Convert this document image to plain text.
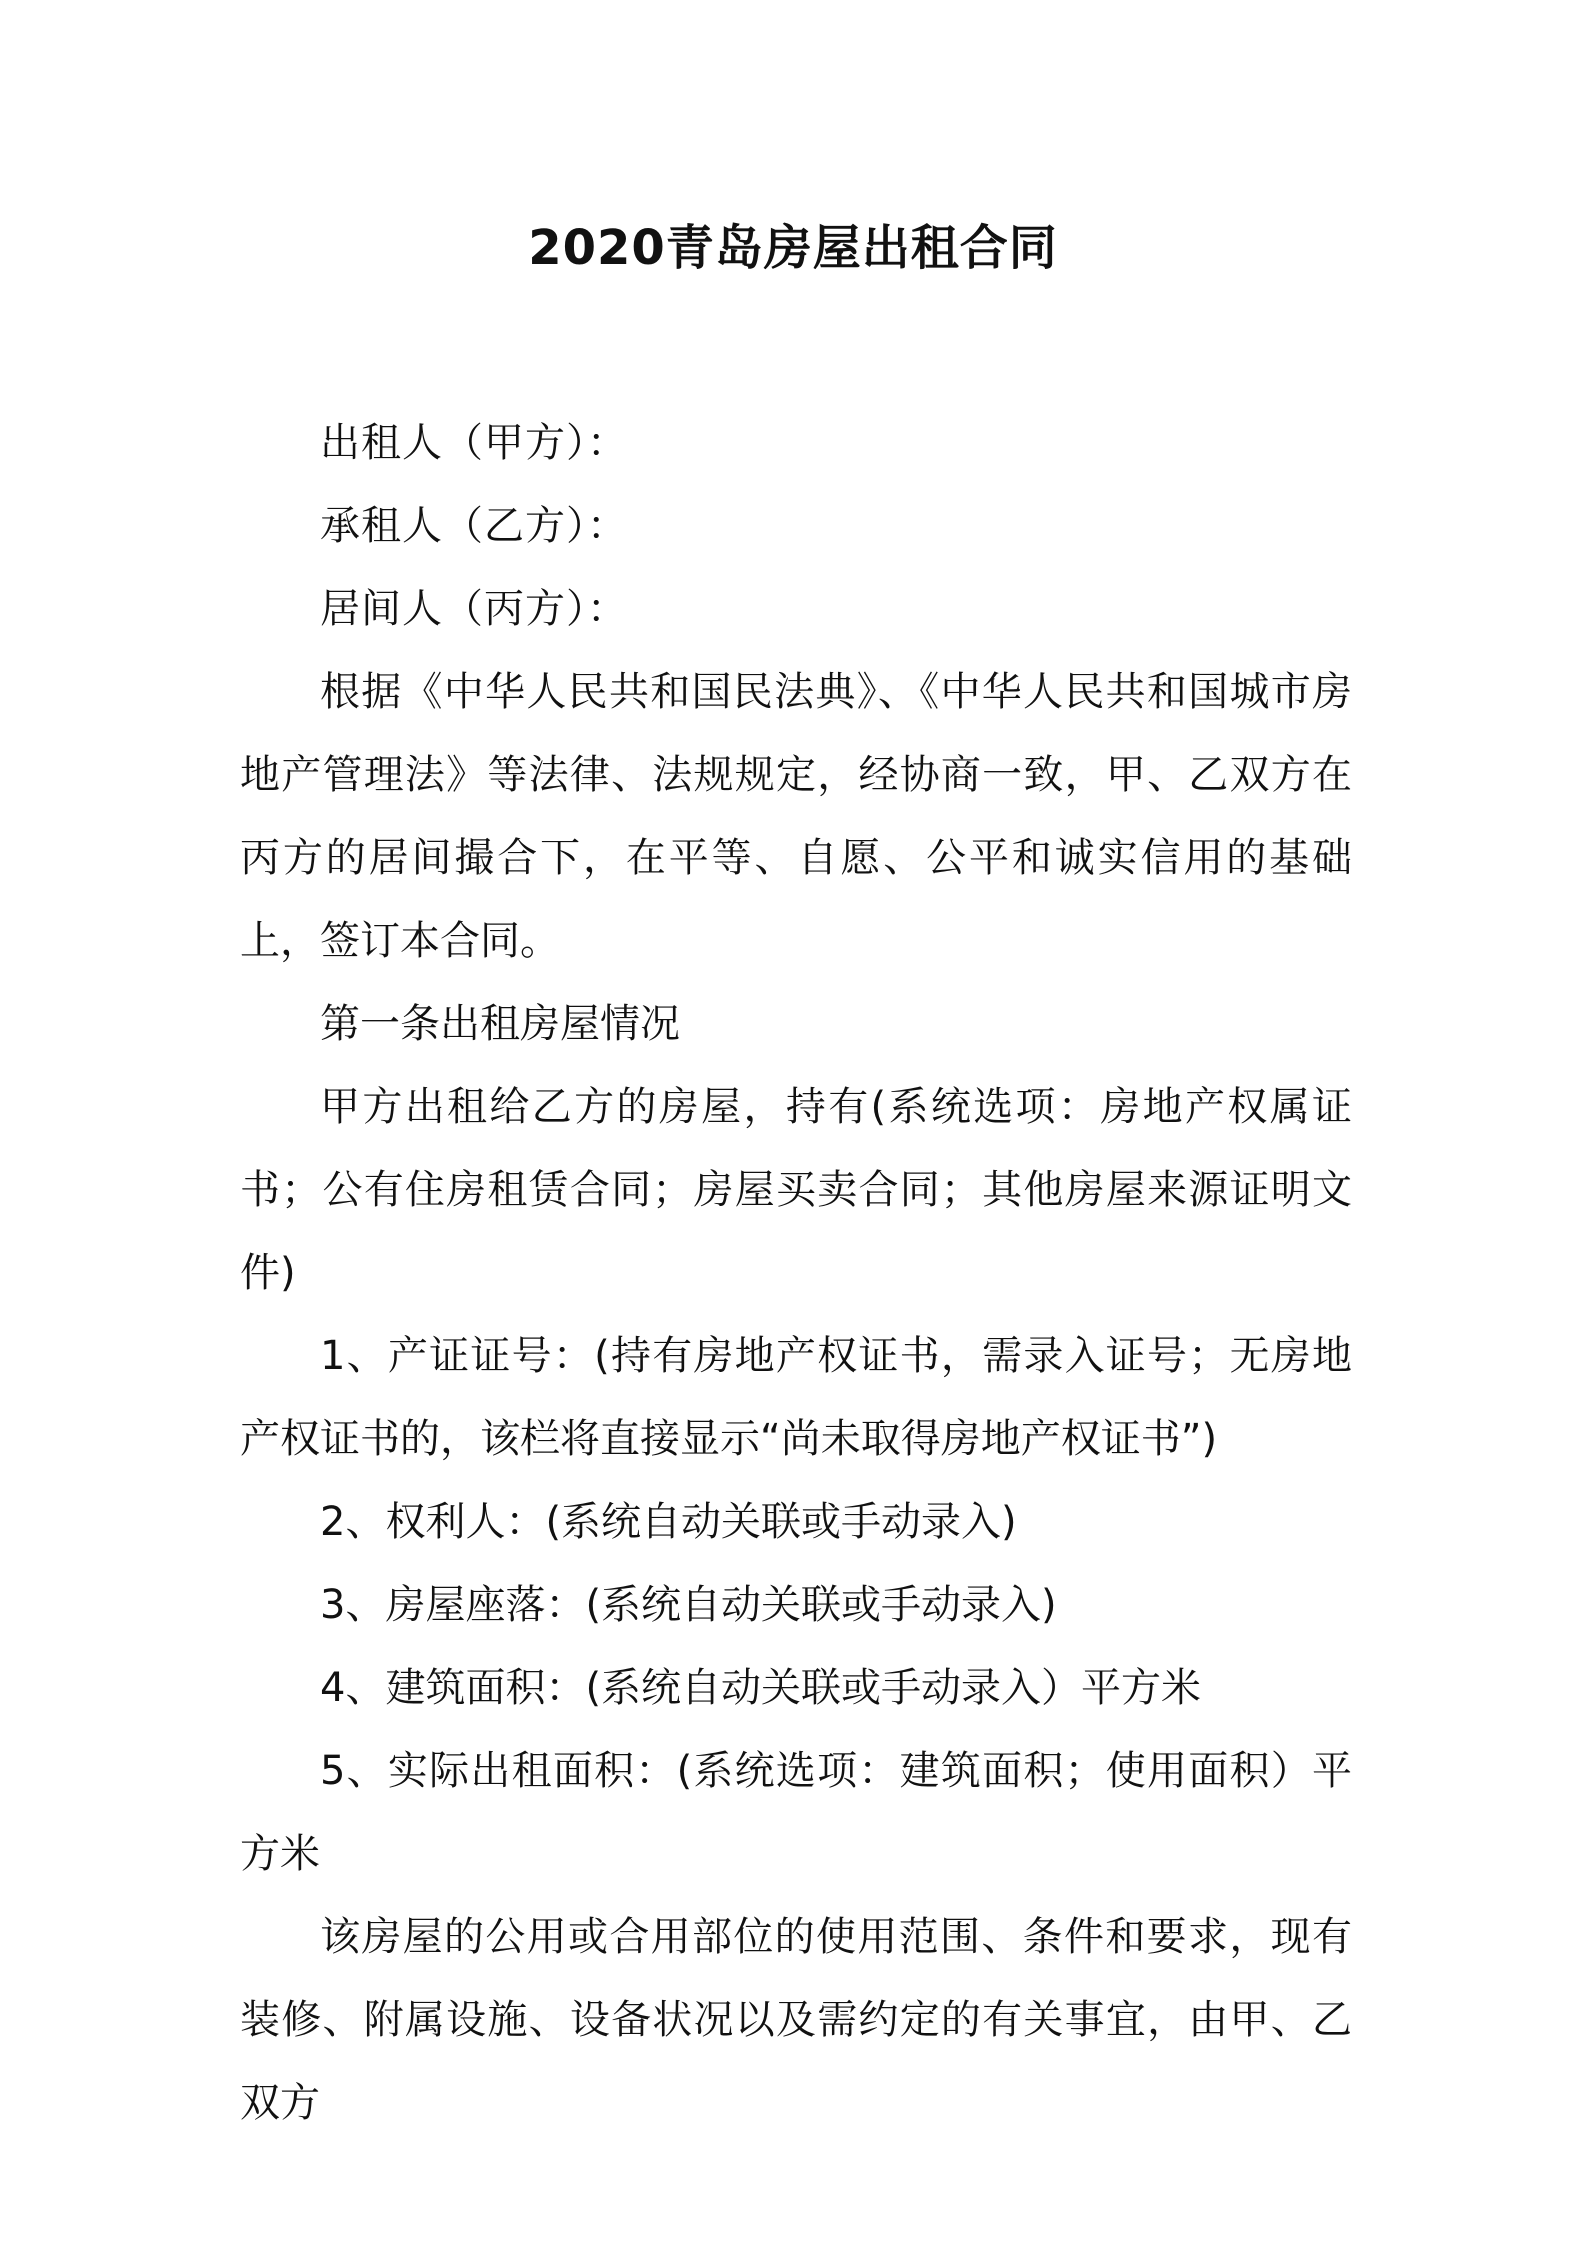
2020青岛房屋出租合同

出租人（甲方）：

承租人（乙方）：

居间人（丙方）：

根据《中华人民共和国民法典》、《中华人民共和国城市房地产管理法》等法律、法规规定，经协商一致，甲、乙双方在丙方的居间撮合下，在平等、自愿、公平和诚实信用的基础上，签订本合同。

第一条出租房屋情况

甲方出租给乙方的房屋，持有(系统选项：房地产权属证书；公有住房租赁合同；房屋买卖合同；其他房屋来源证明文件)

1、产证证号：(持有房地产权证书，需录入证号；无房地产权证书的，该栏将直接显示“尚未取得房地产权证书”)

2、权利人：(系统自动关联或手动录入)

3、房屋座落：(系统自动关联或手动录入)

4、建筑面积：(系统自动关联或手动录入）平方米

5、实际出租面积：(系统选项：建筑面积；使用面积）平方米

该房屋的公用或合用部位的使用范围、条件和要求，现有装修、附属设施、设备状况以及需约定的有关事宜，由甲、乙双方
